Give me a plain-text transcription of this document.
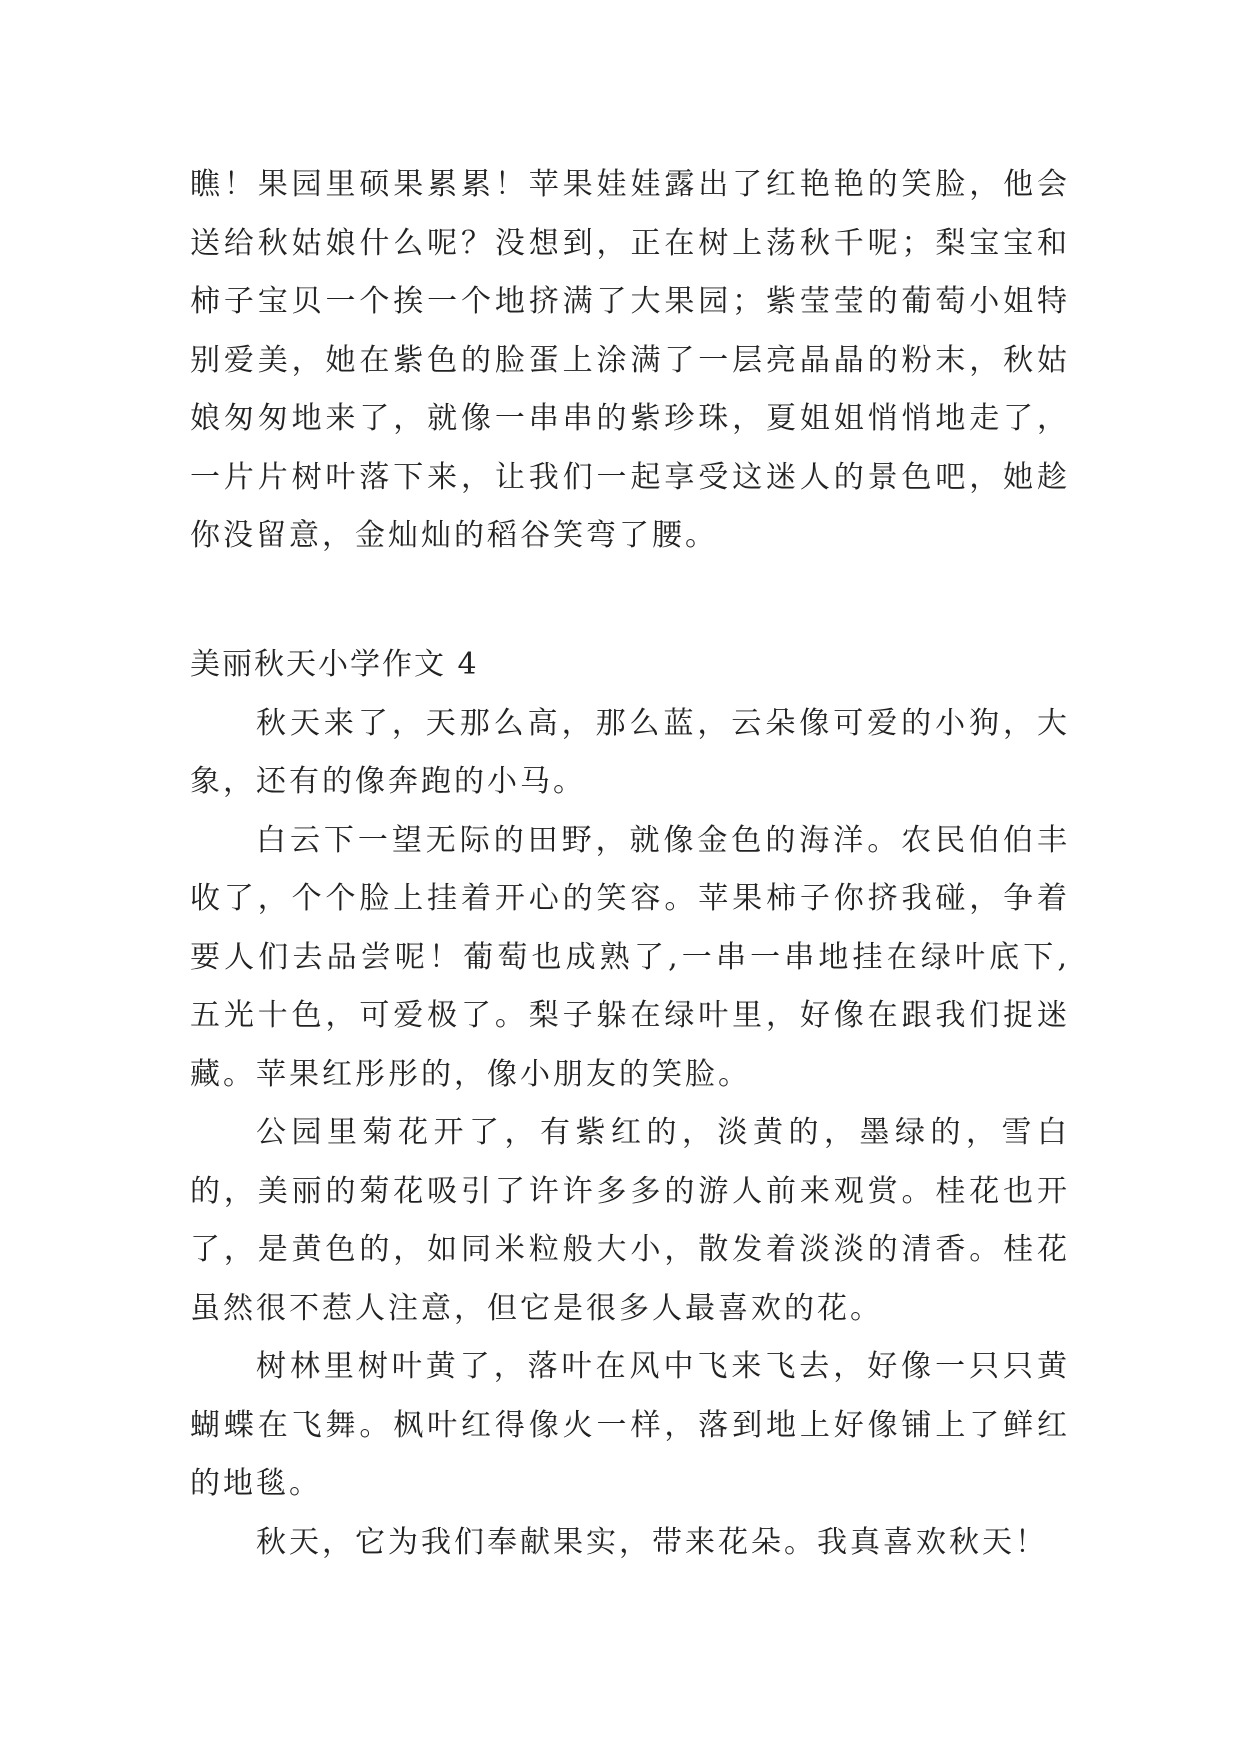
瞧！果园里硕果累累！苹果娃娃露出了红艳艳的笑脸，他会送给秋姑娘什么呢？没想到，正在树上荡秋千呢；梨宝宝和柿子宝贝一个挨一个地挤满了大果园；紫莹莹的葡萄小姐特别爱美，她在紫色的脸蛋上涂满了一层亮晶晶的粉末，秋姑娘匆匆地来了，就像一串串的紫珍珠，夏姐姐悄悄地走了，一片片树叶落下来，让我们一起享受这迷人的景色吧，她趁你没留意，金灿灿的稻谷笑弯了腰。

美丽秋天小学作文 4

秋天来了，天那么高，那么蓝，云朵像可爱的小狗，大象，还有的像奔跑的小马。

白云下一望无际的田野，就像金色的海洋。农民伯伯丰收了，个个脸上挂着开心的笑容。苹果柿子你挤我碰，争着要人们去品尝呢！葡萄也成熟了,一串一串地挂在绿叶底下,五光十色，可爱极了。梨子躲在绿叶里，好像在跟我们捉迷藏。苹果红彤彤的，像小朋友的笑脸。

公园里菊花开了，有紫红的，淡黄的，墨绿的，雪白的，美丽的菊花吸引了许许多多的游人前来观赏。桂花也开了，是黄色的，如同米粒般大小，散发着淡淡的清香。桂花虽然很不惹人注意，但它是很多人最喜欢的花。

树林里树叶黄了，落叶在风中飞来飞去，好像一只只黄蝴蝶在飞舞。枫叶红得像火一样，落到地上好像铺上了鲜红的地毯。

秋天，它为我们奉献果实，带来花朵。我真喜欢秋天！
